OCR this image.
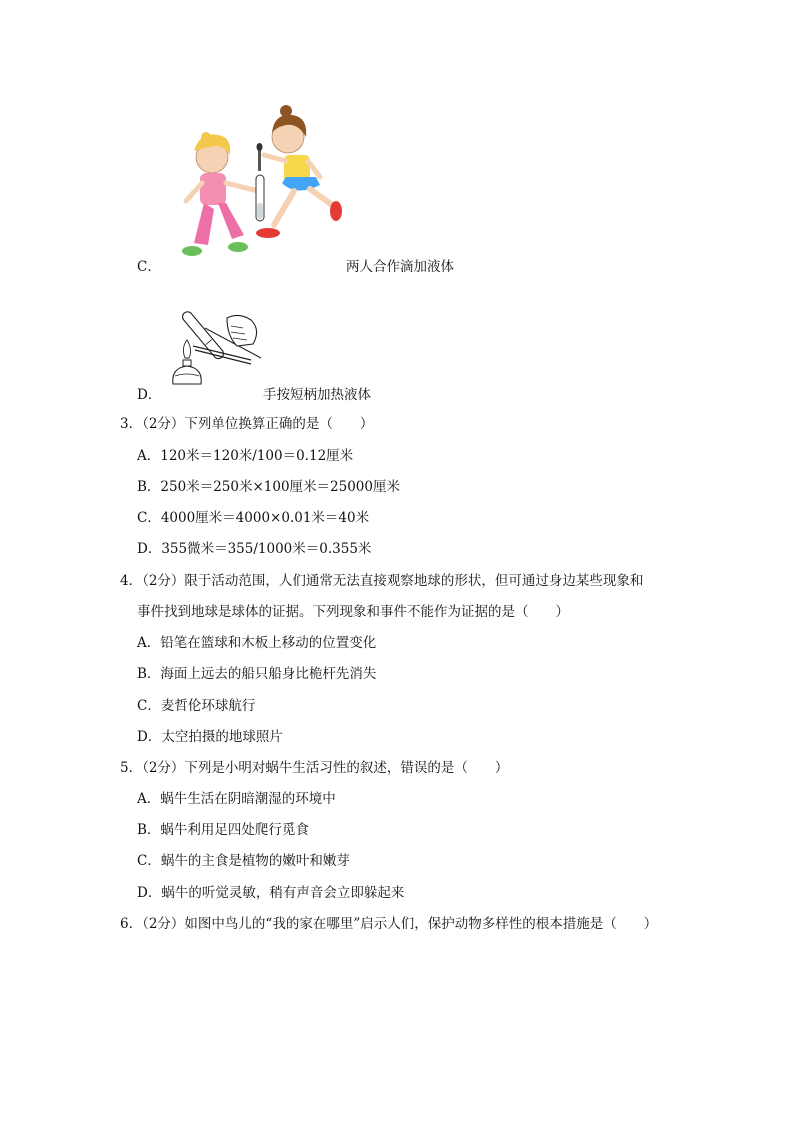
C．	两人合作滴加液体
D．	手按短柄加热液体
3．（2分）下列单位换算正确的是（　　）
A．120米＝120米/100＝0.12厘米
B．250米＝250米×100厘米＝25000厘米
C．4000厘米＝4000×0.01米＝40米
D．355微米＝355/1000米＝0.355米
4．（2分）限于活动范围，人们通常无法直接观察地球的形状，但可通过身边某些现象和
事件找到地球是球体的证据。下列现象和事件不能作为证据的是（　　）
A．铅笔在篮球和木板上移动的位置变化
B．海面上远去的船只船身比桅杆先消失
C．麦哲伦环球航行
D．太空拍摄的地球照片
5．（2分）下列是小明对蜗牛生活习性的叙述，错误的是（　　）
A．蜗牛生活在阴暗潮湿的环境中
B．蜗牛利用足四处爬行觅食
C．蜗牛的主食是植物的嫩叶和嫩芽
D．蜗牛的听觉灵敏，稍有声音会立即躲起来
6．（2分）如图中鸟儿的“我的家在哪里”启示人们，保护动物多样性的根本措施是（　　）
